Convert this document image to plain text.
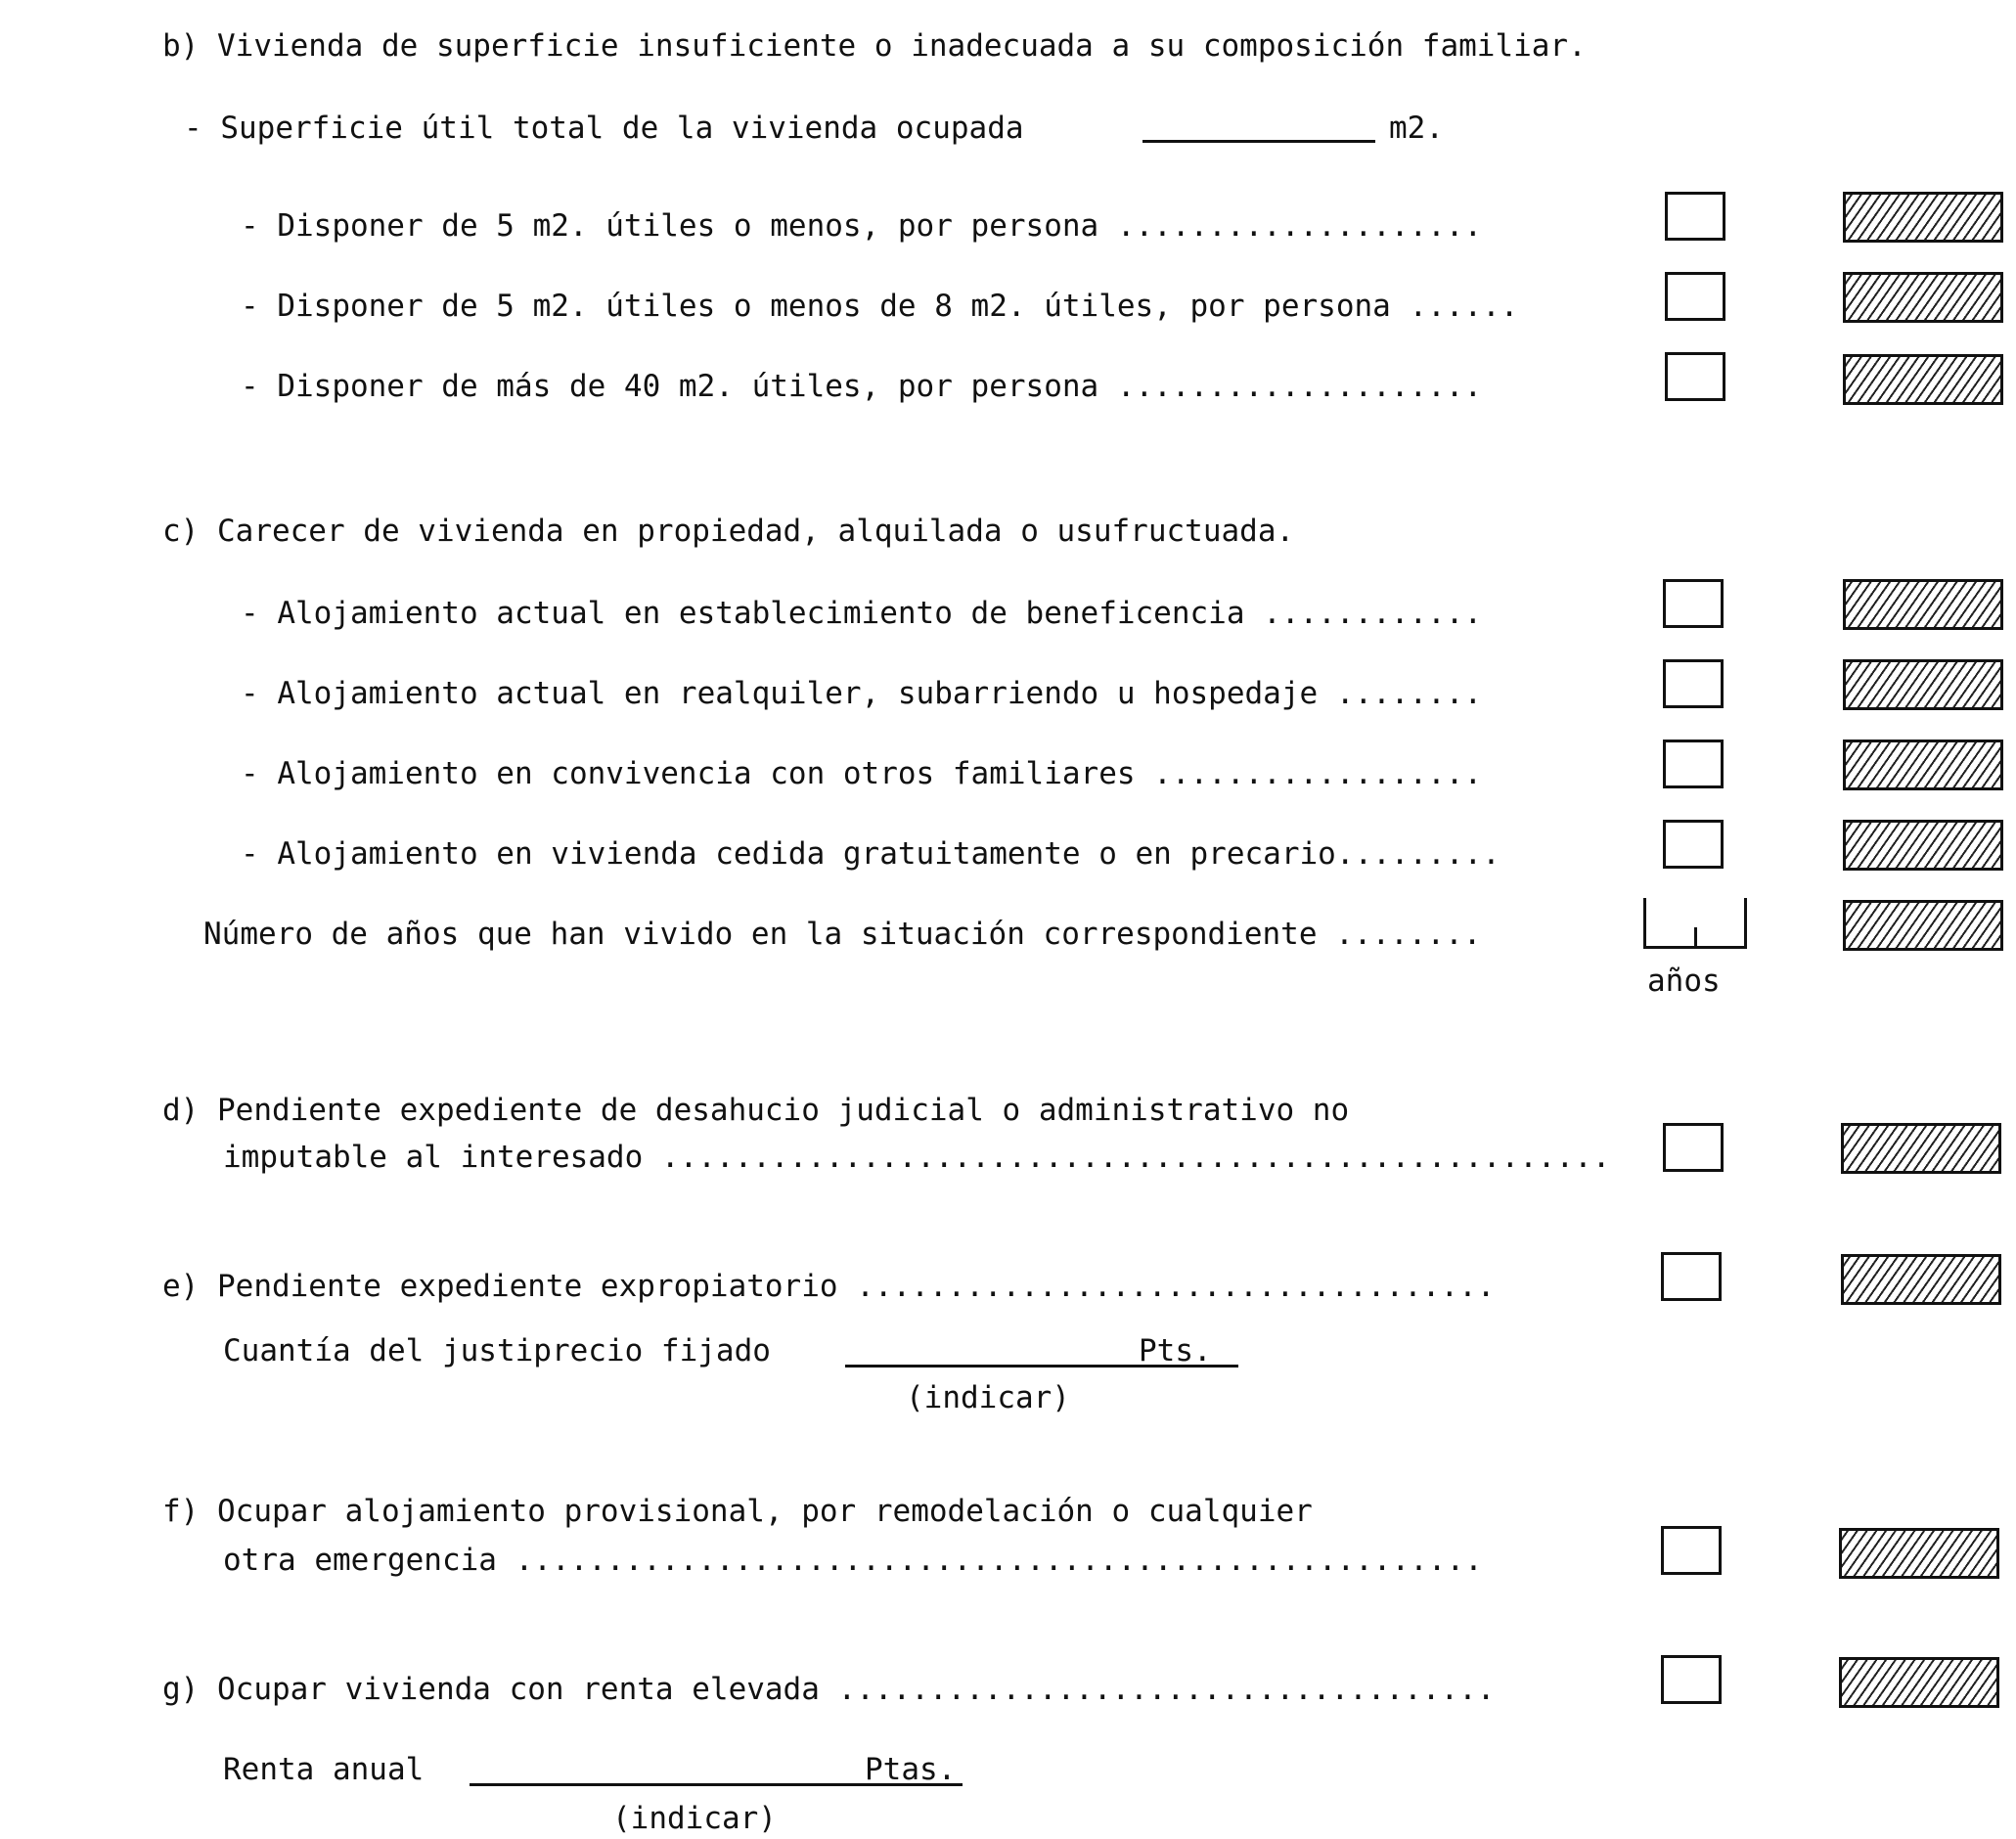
b) Vivienda de superficie insuficiente o inadecuada a su composición familiar.
- Superficie útil total de la vivienda ocupada	m2.
- Disponer de 5 m2. útiles o menos, por persona ....................
- Disponer de 5 m2. útiles o menos de 8 m2. útiles, por persona ......
- Disponer de más de 40 m2. útiles, por persona ....................
c) Carecer de vivienda en propiedad, alquilada o usufructuada.
- Alojamiento actual en establecimiento de beneficencia ............
- Alojamiento actual en realquiler, subarriendo u hospedaje ........
- Alojamiento en convivencia con otros familiares ..................
- Alojamiento en vivienda cedida gratuitamente o en precario.........
Número de años que han vivido en la situación correspondiente ........
años
d) Pendiente expediente de desahucio judicial o administrativo no
imputable al interesado ....................................................
e) Pendiente expediente expropiatorio ...................................
Cuantía del justiprecio fijado	Pts.
(indicar)
f) Ocupar alojamiento provisional, por remodelación o cualquier
otra emergencia .....................................................
g) Ocupar vivienda con renta elevada ....................................
Renta anual	Ptas.
(indicar)
